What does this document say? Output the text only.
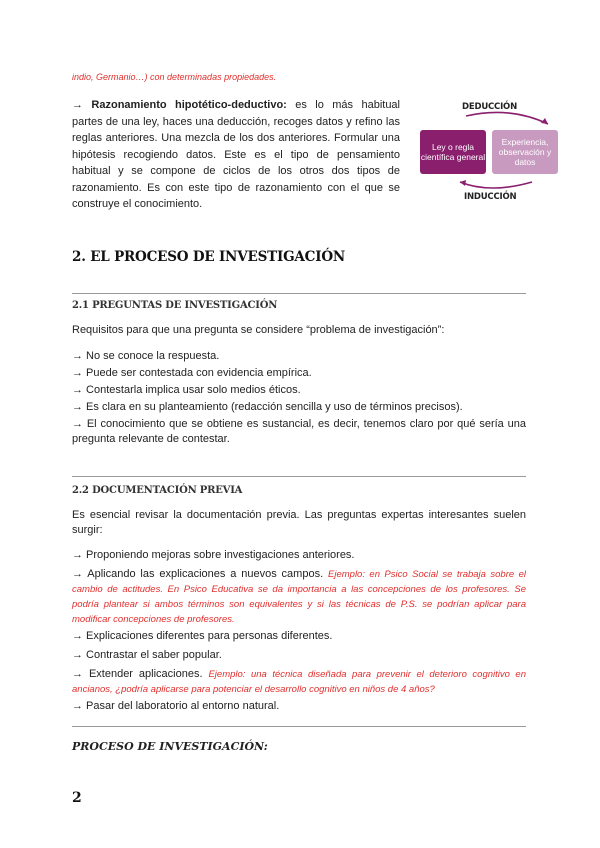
indio, Germanio…) con determinadas propiedades.
→ Razonamiento hipotético-deductivo: es lo más habitual partes de una ley, haces una deducción, recoges datos y refino las reglas anteriores. Una mezcla de los dos anteriores. Formular una hipótesis recogiendo datos. Este es el tipo de pensamiento habitual y se compone de ciclos de los otros dos tipos de razonamiento. Es con este tipo de razonamiento con el que se construye el conocimiento.
DEDUCCIÓN
Ley o regla científica general
Experiencia, observación y datos
INDUCCIÓN
2. EL PROCESO DE INVESTIGACIÓN
2.1 PREGUNTAS DE INVESTIGACIÓN
Requisitos para que una pregunta se considere “problema de investigación”:
→ No se conoce la respuesta.
→ Puede ser contestada con evidencia empírica.
→ Contestarla implica usar solo medios éticos.
→ Es clara en su planteamiento (redacción sencilla y uso de términos precisos).
→ El conocimiento que se obtiene es sustancial, es decir, tenemos claro por qué sería una pregunta relevante de contestar.
2.2 DOCUMENTACIÓN PREVIA
Es esencial revisar la documentación previa. Las preguntas expertas interesantes suelen surgir:
→ Proponiendo mejoras sobre investigaciones anteriores.
→ Aplicando las explicaciones a nuevos campos. Ejemplo: en Psico Social se trabaja sobre el cambio de actitudes. En Psico Educativa se da importancia a las concepciones de los profesores. Se podría plantear si ambos términos son equivalentes y si las técnicas de P.S. se podrían aplicar para modificar concepciones de profesores.
→ Explicaciones diferentes para personas diferentes.
→ Contrastar el saber popular.
→ Extender aplicaciones. Ejemplo: una técnica diseñada para prevenir el deterioro cognitivo en ancianos, ¿podría aplicarse para potenciar el desarrollo cognitivo en niños de 4 años?
→ Pasar del laboratorio al entorno natural.
PROCESO DE INVESTIGACIÓN:
2
